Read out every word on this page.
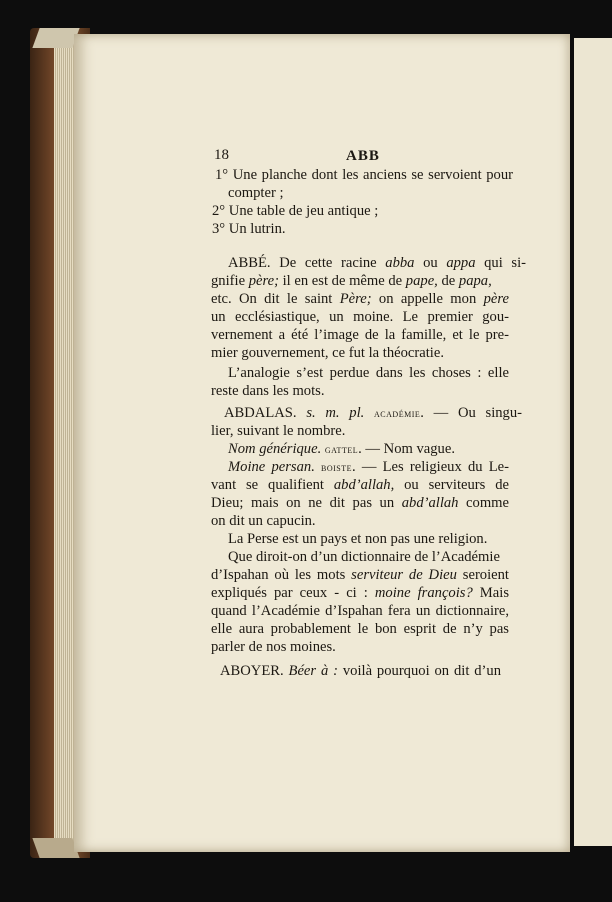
18	ABB
1° Une planche dont les anciens se servoient pour
compter ;
2° Une table de jeu antique ;
3° Un lutrin.
ABBÉ. De cette racine abba ou appa qui si-
gnifie père; il en est de même de pape, de papa,
etc. On dit le saint Père; on appelle mon père
un ecclésiastique, un moine. Le premier gou-
vernement a été l’image de la famille, et le pre-
mier gouvernement, ce fut la théocratie.
L’analogie s’est perdue dans les choses : elle
reste dans les mots.
ABDALAS. s. m. pl. académie. — Ou singu-
lier, suivant le nombre.
Nom générique. gattel. — Nom vague.
Moine persan. boiste. — Les religieux du Le-
vant se qualifient abd’allah, ou serviteurs de
Dieu; mais on ne dit pas un abd’allah comme
on dit un capucin.
La Perse est un pays et non pas une religion.
Que diroit-on d’un dictionnaire de l’Académie
d’Ispahan où les mots serviteur de Dieu seroient
expliqués par ceux - ci : moine françois? Mais
quand l’Académie d’Ispahan fera un dictionnaire,
elle aura probablement le bon esprit de n’y pas
parler de nos moines.
ABOYER. Béer à : voilà pourquoi on dit d’un
